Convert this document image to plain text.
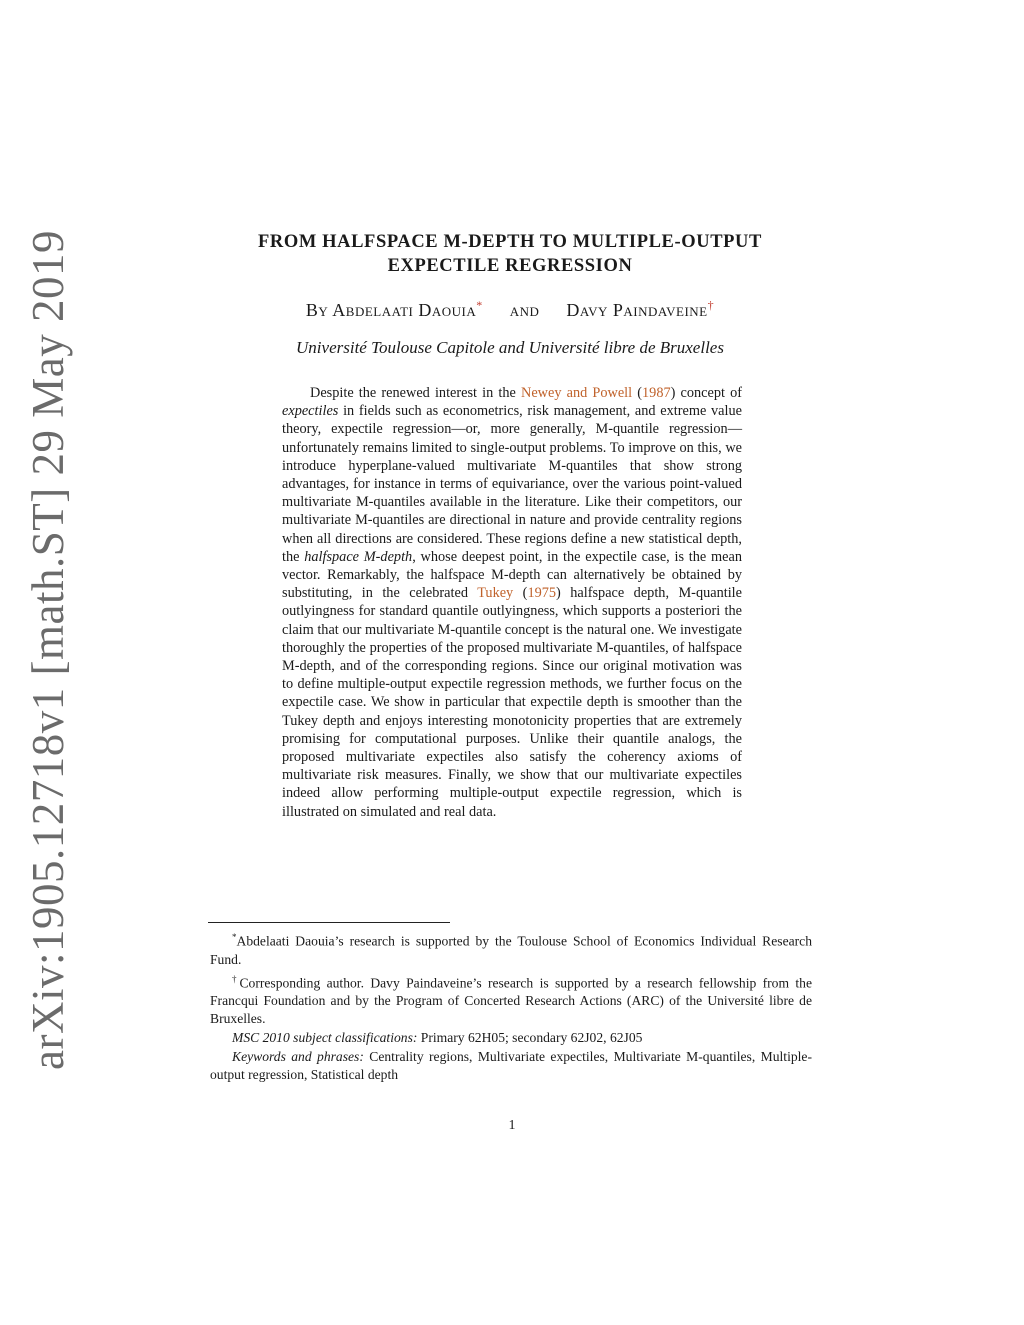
arXiv:1905.12718v1 [math.ST] 29 May 2019	FROM HALFSPACE M-DEPTH TO MULTIPLE-OUTPUT
EXPECTILE REGRESSION
By Abdelaati Daouia* and Davy Paindaveine†
Université Toulouse Capitole and Université libre de Bruxelles
Despite the renewed interest in the Newey and Powell (1987) concept of expectiles in fields such as econometrics, risk management, and extreme value theory, expectile regression—or, more generally, M-quantile regression—unfortunately remains limited to single-output problems. To improve on this, we introduce hyperplane-valued multivariate M-quantiles that show strong advantages, for instance in terms of equivariance, over the various point-valued multivariate M-quantiles available in the literature. Like their competitors, our multivariate M-quantiles are directional in nature and provide centrality regions when all directions are considered. These regions define a new statistical depth, the halfspace M-depth, whose deepest point, in the expectile case, is the mean vector. Remarkably, the halfspace M-depth can alternatively be obtained by substituting, in the celebrated Tukey (1975) halfspace depth, M-quantile outlyingness for standard quantile outlyingness, which supports a posteriori the claim that our multivariate M-quantile concept is the natural one. We investigate thoroughly the properties of the proposed multivariate M-quantiles, of halfspace M-depth, and of the corresponding regions. Since our original motivation was to define multiple-output expectile regression methods, we further focus on the expectile case. We show in particular that expectile depth is smoother than the Tukey depth and enjoys interesting monotonicity properties that are extremely promising for computational purposes. Unlike their quantile analogs, the proposed multivariate expectiles also satisfy the coherency axioms of multivariate risk measures. Finally, we show that our multivariate expectiles indeed allow performing multiple-output expectile regression, which is illustrated on simulated and real data.

*Abdelaati Daouia’s research is supported by the Toulouse School of Economics Individual Research Fund.

†Corresponding author. Davy Paindaveine’s research is supported by a research fellowship from the Francqui Foundation and by the Program of Concerted Research Actions (ARC) of the Université libre de Bruxelles.

MSC 2010 subject classifications: Primary 62H05; secondary 62J02, 62J05

Keywords and phrases: Centrality regions, Multivariate expectiles, Multivariate M-quantiles, Multiple-output regression, Statistical depth

1
